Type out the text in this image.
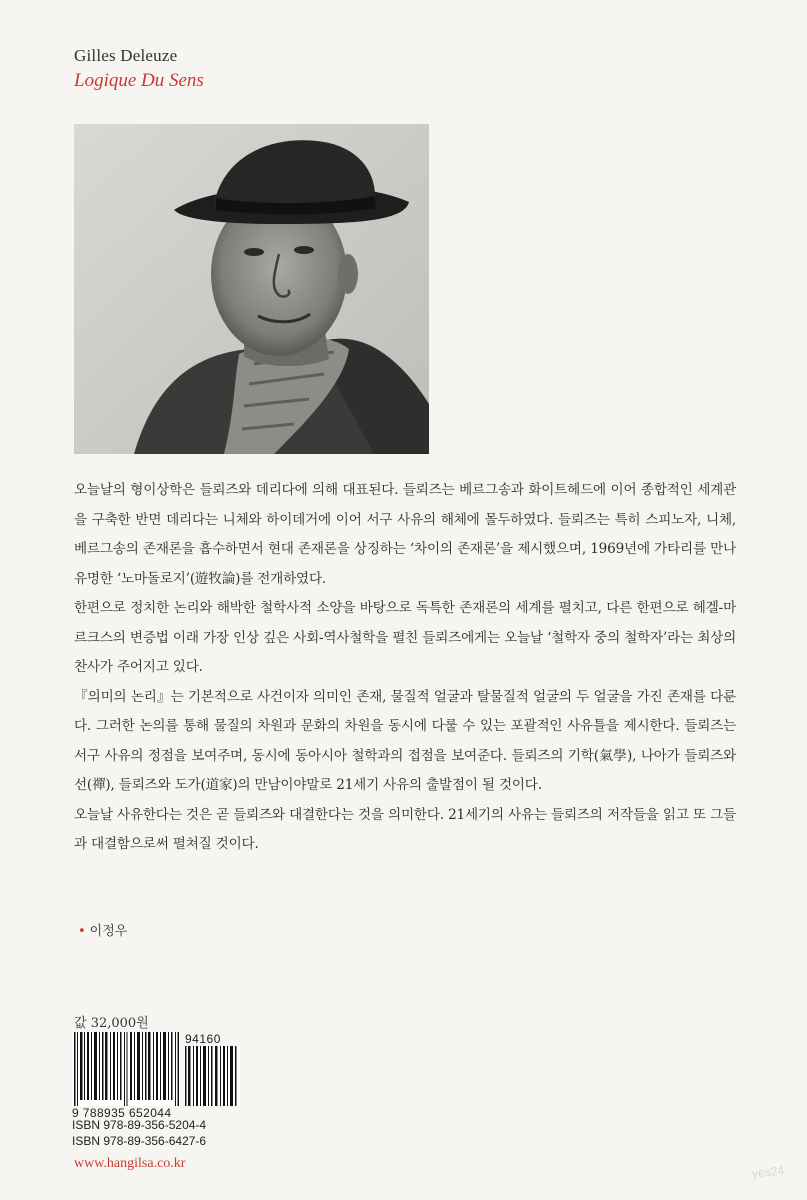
Gilles Deleuze
Logique Du Sens

오늘날의 형이상학은 들뢰즈와 데리다에 의해 대표된다. 들뢰즈는 베르그송과 화이트헤드에 이어 종합적인 세계관을 구축한 반면 데리다는 니체와 하이데거에 이어 서구 사유의 해체에 몰두하였다. 들뢰즈는 특히 스피노자, 니체, 베르그송의 존재론을 흡수하면서 현대 존재론을 상징하는 ‘차이의 존재론’을 제시했으며, 1969년에 가타리를 만나 유명한 ‘노마돌로지’(遊牧論)를 전개하였다.

한편으로 정치한 논리와 해박한 철학사적 소양을 바탕으로 독특한 존재론의 세계를 펼치고, 다른 한편으로 헤겔-마르크스의 변증법 이래 가장 인상 깊은 사회-역사철학을 펼친 들뢰즈에게는 오늘날 ‘철학자 중의 철학자’라는 최상의 찬사가 주어지고 있다.

『의미의 논리』는 기본적으로 사건이자 의미인 존재, 물질적 얼굴과 탈물질적 얼굴의 두 얼굴을 가진 존재를 다룬다. 그러한 논의를 통해 물질의 차원과 문화의 차원을 동시에 다룰 수 있는 포괄적인 사유틀을 제시한다. 들뢰즈는 서구 사유의 정점을 보여주며, 동시에 동아시아 철학과의 접점을 보여준다. 들뢰즈의 기학(氣學), 나아가 들뢰즈와 선(禪), 들뢰즈와 도가(道家)의 만남이야말로 21세기 사유의 출발점이 될 것이다.

오늘날 사유한다는 것은 곧 들뢰즈와 대결한다는 것을 의미한다. 21세기의 사유는 들뢰즈의 저작들을 읽고 또 그들과 대결함으로써 펼쳐질 것이다.

• 이정우
값 32,000원
94160
9 788935 652044
ISBN 978-89-356-5204-4
ISBN 978-89-356-6427-6
www.hangilsa.co.kr	yes24
